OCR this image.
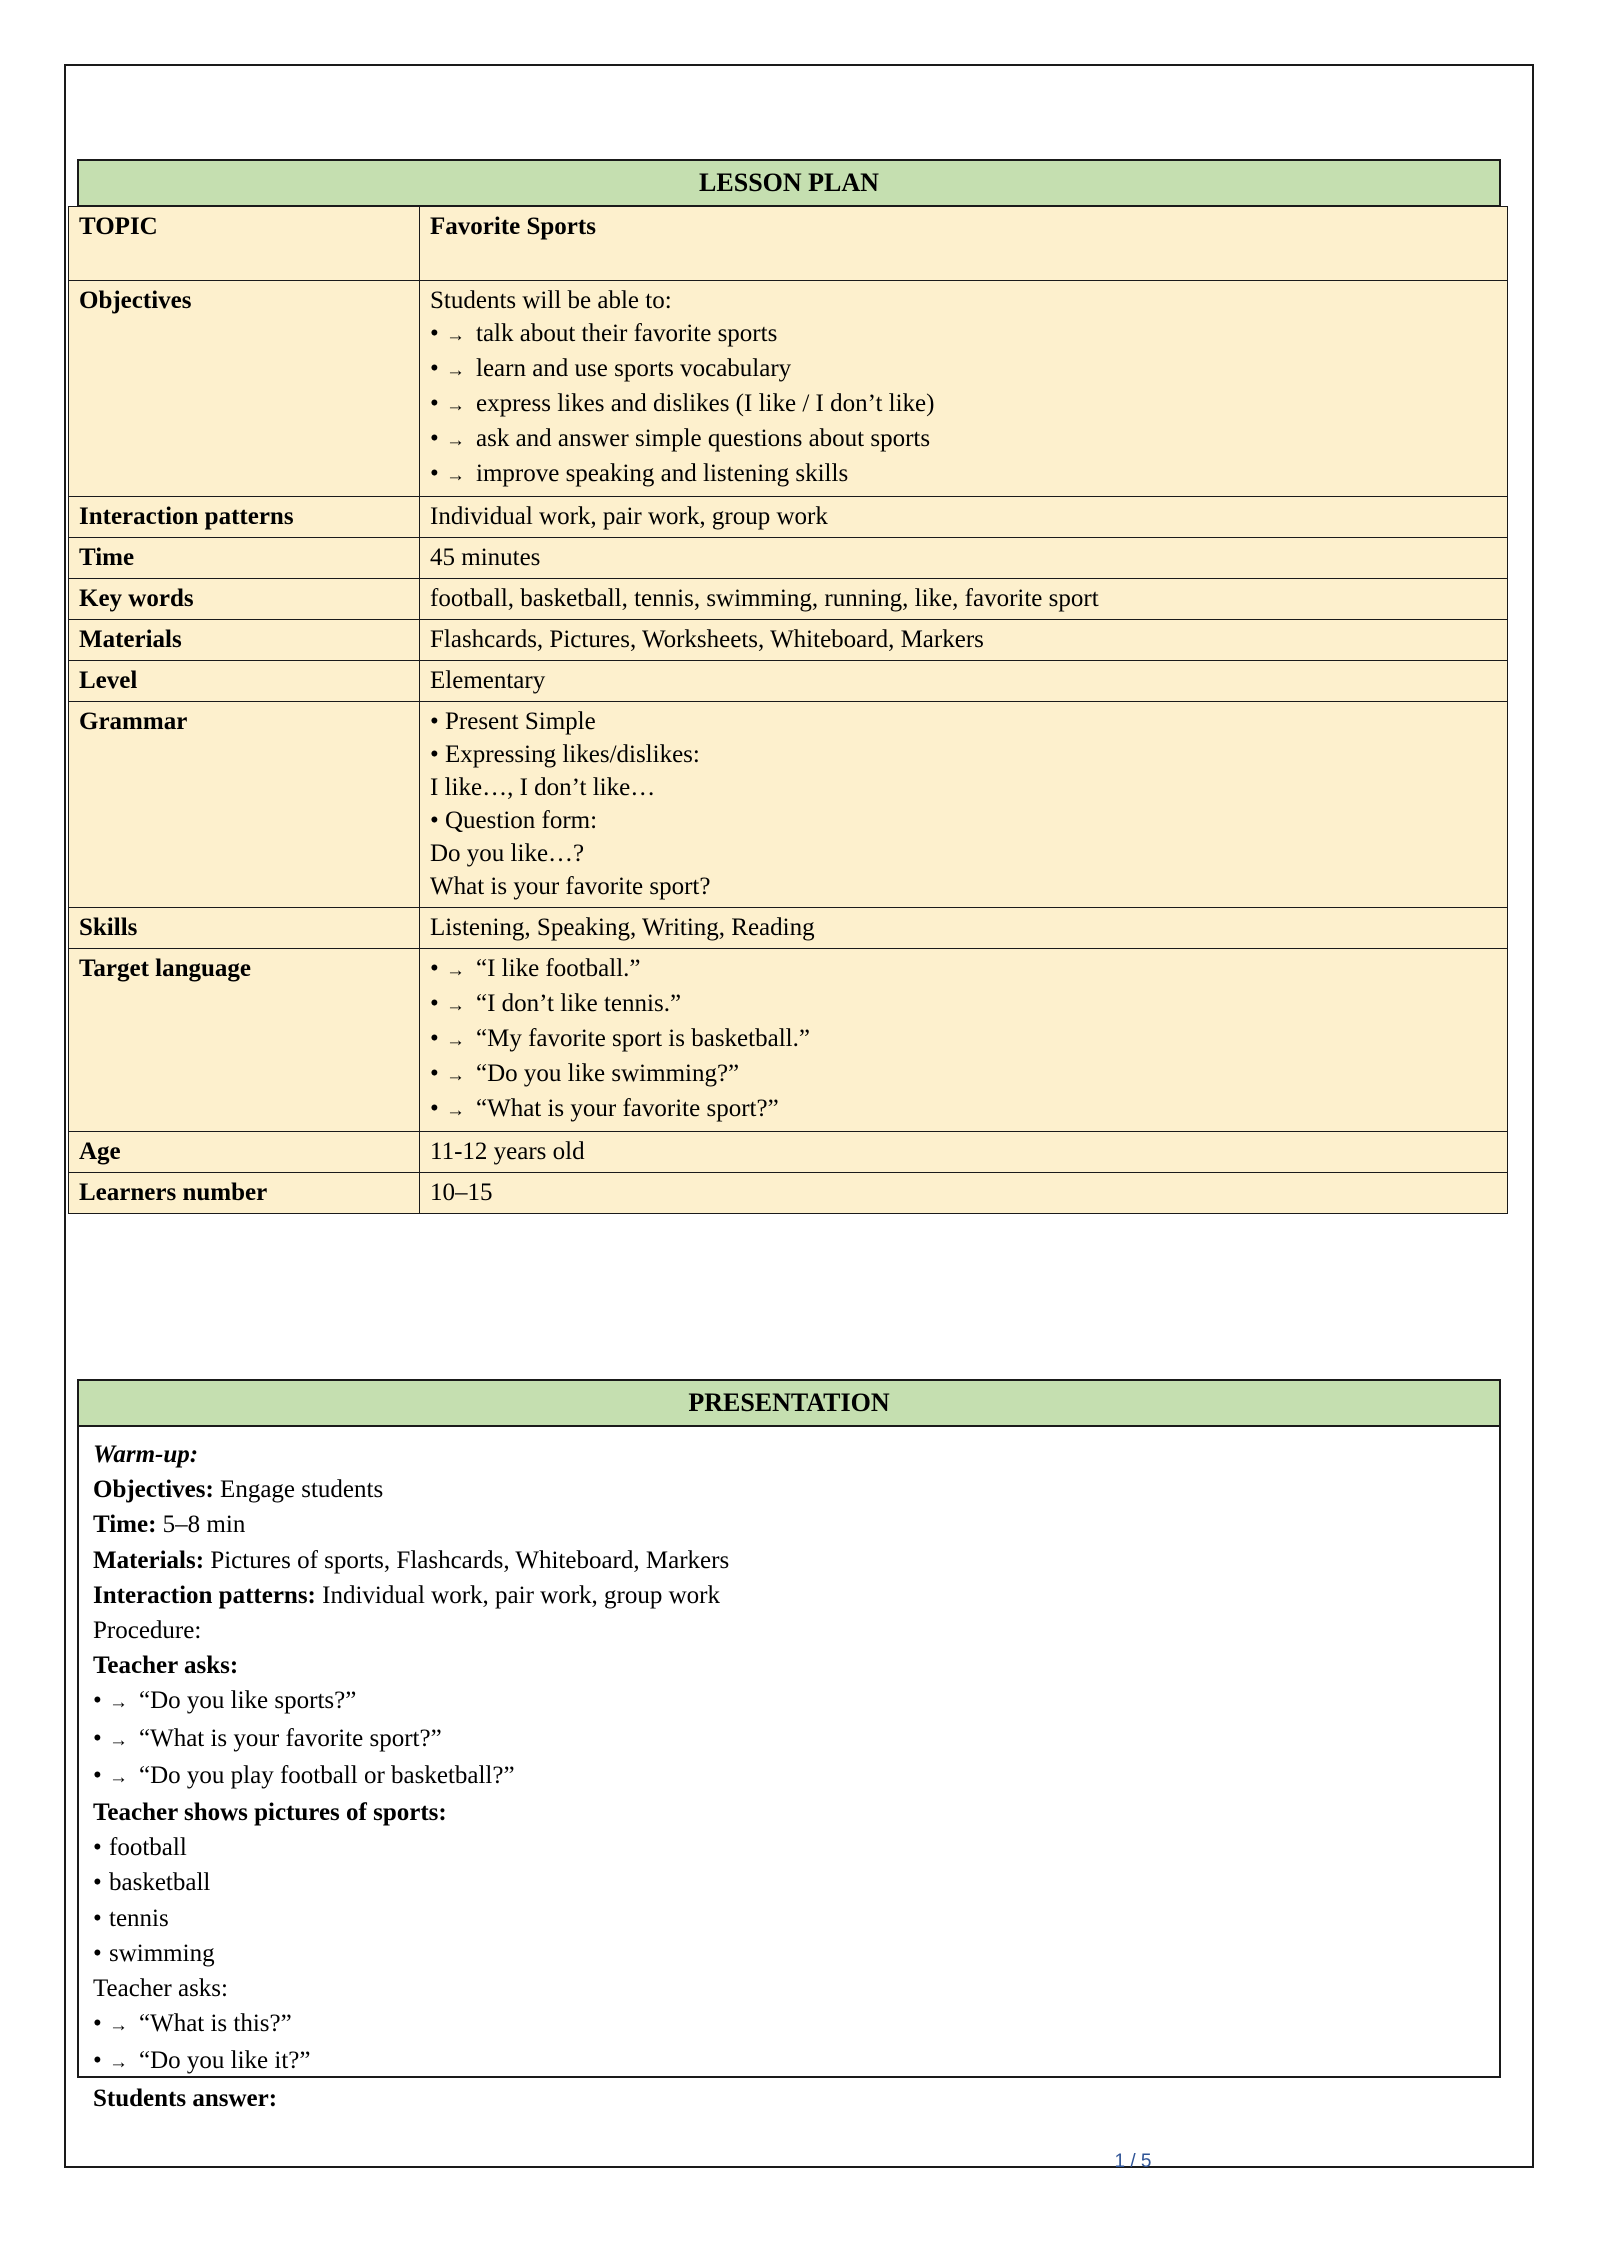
LESSON PLAN
TOPIC	Favorite Sports

Objectives	Students will be able to:
• → talk about their favorite sports
• → learn and use sports vocabulary
• → express likes and dislikes (I like / I don’t like)
• → ask and answer simple questions about sports
• → improve speaking and listening skills

Interaction patterns	Individual work, pair work, group work

Time	45 minutes

Key words	football, basketball, tennis, swimming, running, like, favorite sport

Materials	Flashcards, Pictures, Worksheets, Whiteboard, Markers

Level	Elementary

Grammar	• Present Simple
• Expressing likes/dislikes:
I like…, I don’t like…
• Question form:
Do you like…?
What is your favorite sport?

Skills	Listening, Speaking, Writing, Reading

Target language	• → “I like football.”
• → “I don’t like tennis.”
• → “My favorite sport is basketball.”
• → “Do you like swimming?”
• → “What is your favorite sport?”

Age	11-12 years old

Learners number	10–15
PRESENTATION
Warm-up:
Objectives: Engage students
Time: 5–8 min
Materials: Pictures of sports, Flashcards, Whiteboard, Markers
Interaction patterns: Individual work, pair work, group work
Procedure:
Teacher asks:
• → “Do you like sports?”
• → “What is your favorite sport?”
• → “Do you play football or basketball?”
Teacher shows pictures of sports:
• football
• basketball
• tennis
• swimming
Teacher asks:
• → “What is this?”
• → “Do you like it?”
Students answer:
1 / 5
